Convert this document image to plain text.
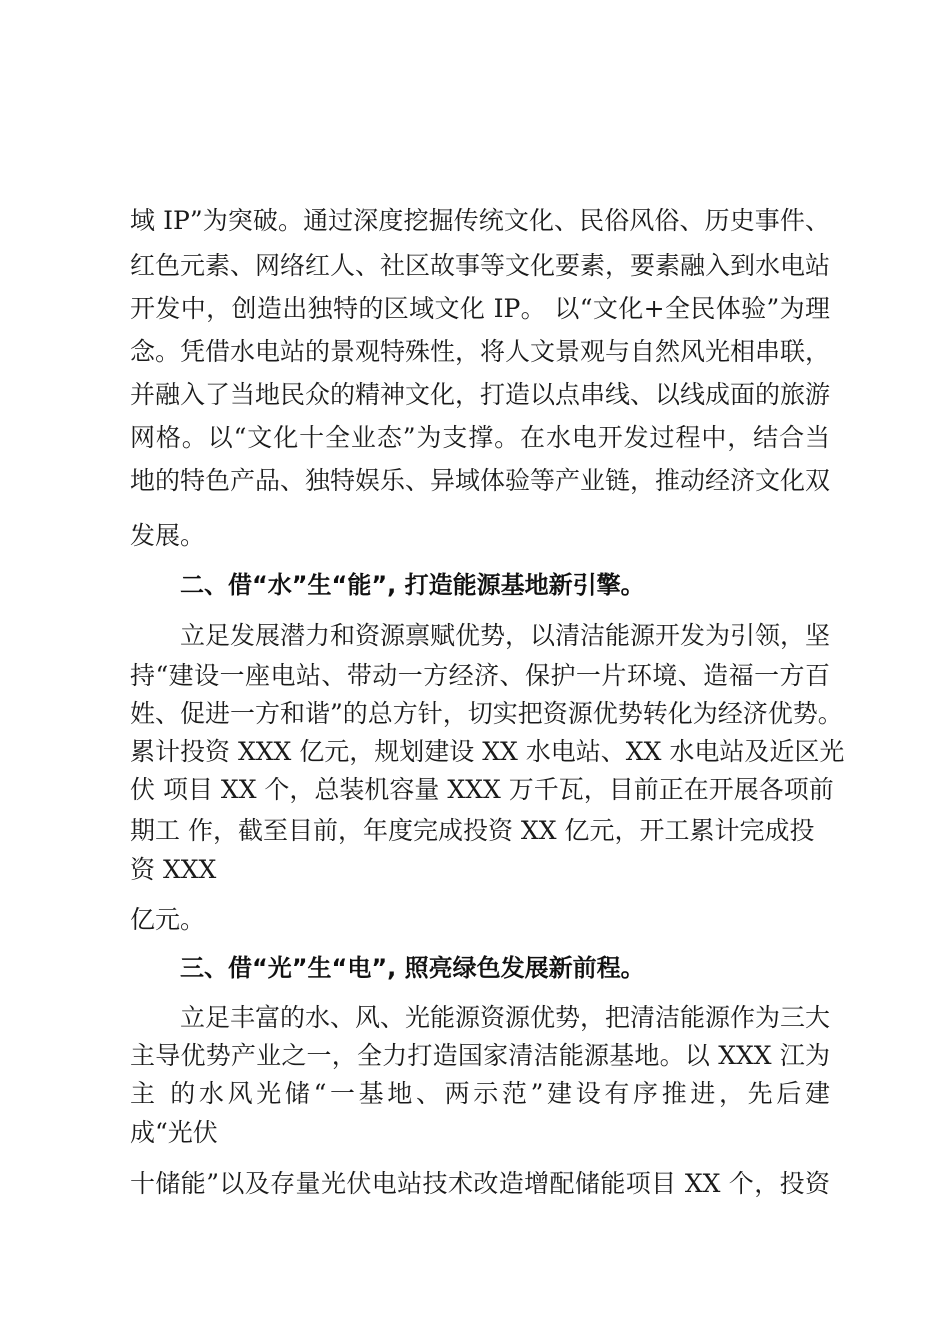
域 IP”为突破。通过深度挖掘传统文化、民俗风俗、历史事件、
红色元素、网络红人、社区故事等文化要素，要素融入到水电站
开发中，创造出独特的区域文化 IP。 以“文化+全民体验”为理
念。凭借水电站的景观特殊性，将人文景观与自然风光相串联，
并融入了当地民众的精神文化，打造以点串线、以线成面的旅游
网格。以“文化十全业态”为支撑。在水电开发过程中，结合当
地的特色产品、独特娱乐、异域体验等产业链，推动经济文化双
发展。
二、借“水”生“能”, 打造能源基地新引擎。
立足发展潜力和资源禀赋优势，以清洁能源开发为引领，坚
持“建设一座电站、带动一方经济、保护一片环境、造福一方百
姓、促进一方和谐”的总方针，切实把资源优势转化为经济优势。
累计投资 XXX 亿元，规划建设 XX 水电站、XX 水电站及近区光
伏 项目 XX 个，总装机容量 XXX 万千瓦，目前正在开展各项前
期工 作，截至目前，年度完成投资 XX 亿元，开工累计完成投
资 XXX
亿元。
三、借“光”生“电”, 照亮绿色发展新前程。
立足丰富的水、风、光能源资源优势，把清洁能源作为三大
主导优势产业之一，全力打造国家清洁能源基地。以 XXX 江为
主 的水风光储“一基地、两示范”建设有序推进，先后建
成“光伏
十储能”以及存量光伏电站技术改造增配储能项目 XX 个，投资
